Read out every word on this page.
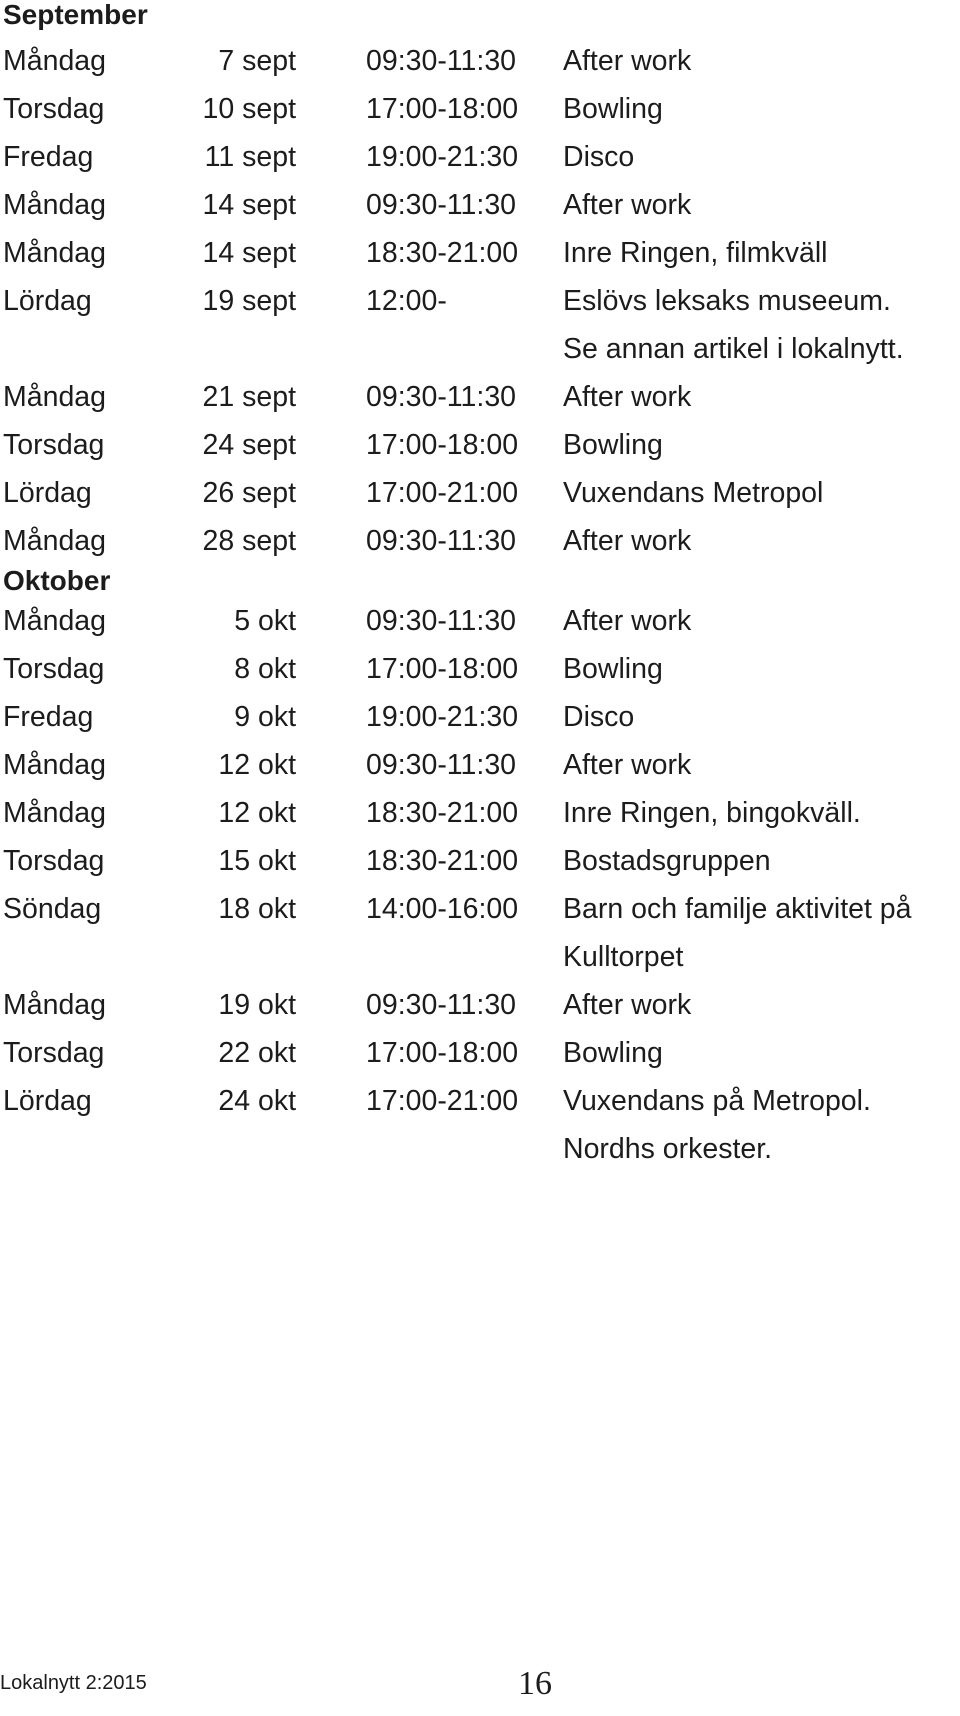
September
Måndag	7 sept 09:30-11:30 After work
Torsdag	10 sept 17:00-18:00 Bowling
Fredag	11 sept 19:00-21:30 Disco
Måndag	14 sept 09:30-11:30 After work
Måndag	14 sept 18:30-21:00 Inre Ringen, filmkväll
Lördag	19 sept 12:00-	Eslövs leksaks museeum.
Se annan artikel i lokalnytt.
Måndag	21 sept 09:30-11:30 After work
Torsdag	24 sept 17:00-18:00 Bowling
Lördag	26 sept 17:00-21:00 Vuxendans Metropol
Måndag	28 sept 09:30-11:30 After work
Oktober
Måndag	5 okt 09:30-11:30 After work
Torsdag	8 okt 17:00-18:00 Bowling
Fredag	9 okt 19:00-21:30 Disco
Måndag	12 okt 09:30-11:30 After work
Måndag	12 okt 18:30-21:00 Inre Ringen, bingokväll.
Torsdag	15 okt 18:30-21:00 Bostadsgruppen
Söndag	18 okt 14:00-16:00 Barn och familje aktivitet på
Kulltorpet
Måndag	19 okt 09:30-11:30 After work
Torsdag	22 okt 17:00-18:00 Bowling
Lördag	24 okt 17:00-21:00 Vuxendans på Metropol.
Nordhs orkester.
Lokalnytt 2:2015	16
